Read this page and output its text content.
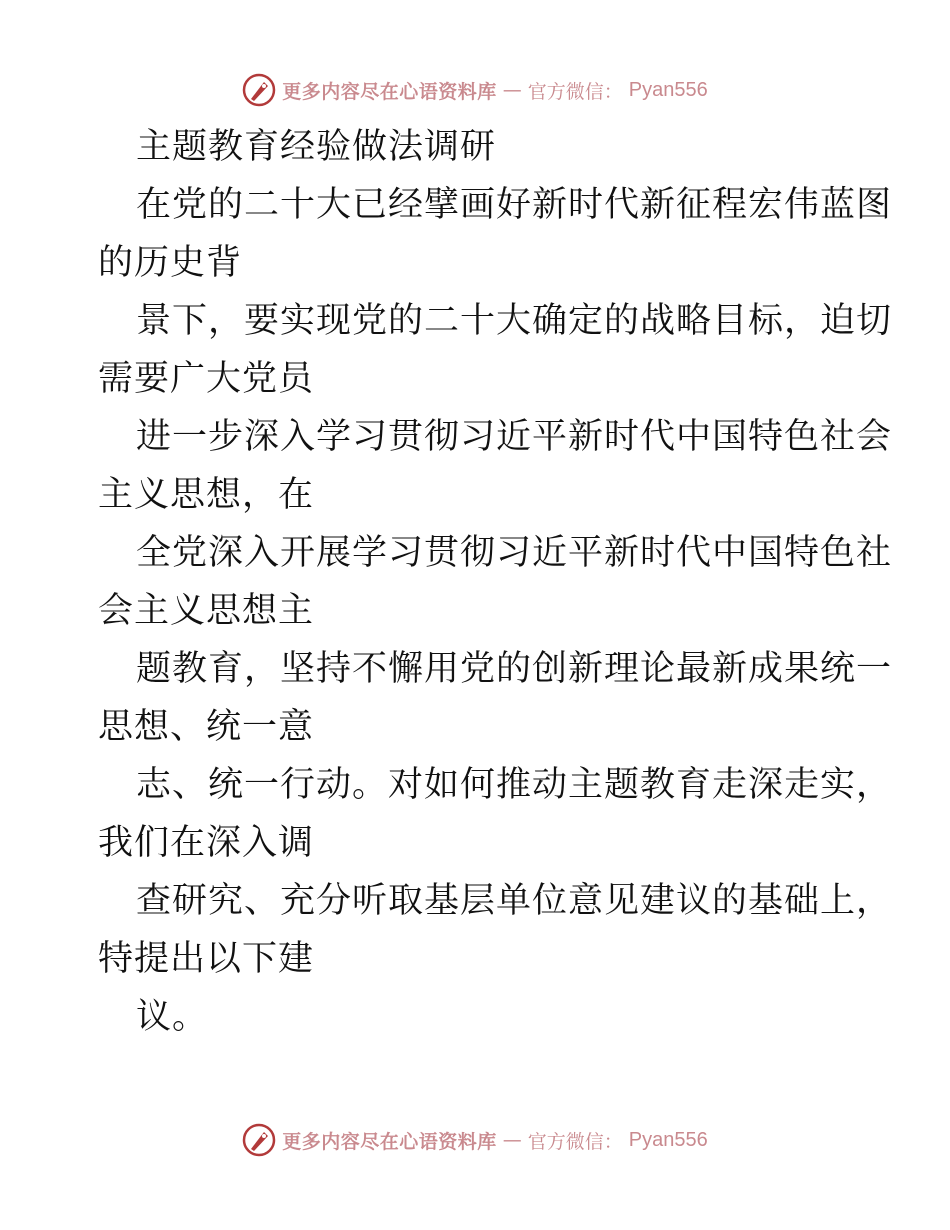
更多内容尽在心语资料库 — 官方微信： Pyan556
主题教育经验做法调研
在党的二十大已经擘画好新时代新征程宏伟蓝图
的历史背
景下，要实现党的二十大确定的战略目标，迫切
需要广大党员
进一步深入学习贯彻习近平新时代中国特色社会
主义思想，在
全党深入开展学习贯彻习近平新时代中国特色社
会主义思想主
题教育，坚持不懈用党的创新理论最新成果统一
思想、统一意
志、统一行动。对如何推动主题教育走深走实，
我们在深入调
查研究、充分听取基层单位意见建议的基础上，
特提出以下建
议。
更多内容尽在心语资料库 — 官方微信： Pyan556
